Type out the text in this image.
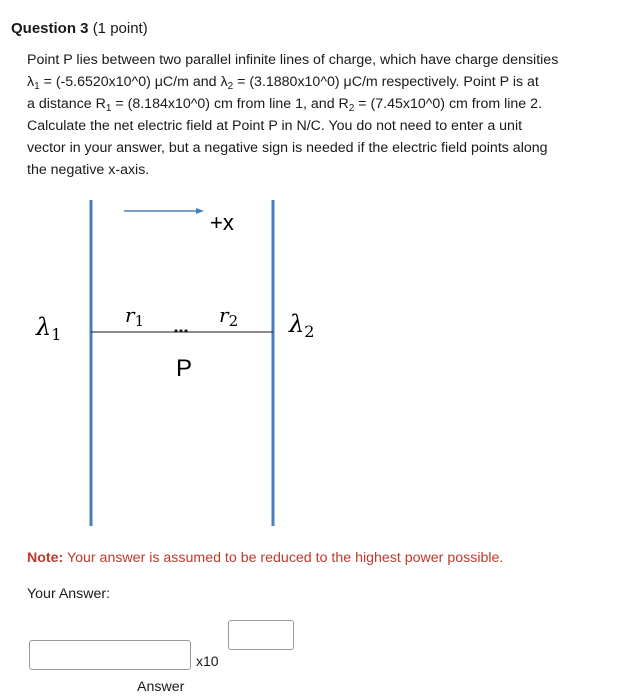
Question 3 (1 point)
Point P lies between two parallel infinite lines of charge, which have charge densities
$\lambda_1$ = (-5.6520x10^0) μC/m and $\lambda_2$ = (3.1880x10^0) μC/m respectively. Point P is at
a distance $R_1$ = (8.184x10^0) cm from line 1, and $R_2$ = (7.45x10^0) cm from line 2.
Calculate the net electric field at Point P in N/C. You do not need to enter a unit
vector in your answer, but a negative sign is needed if the electric field points along
the negative x-axis.
+x
$\lambda_1$
$r_1$	$r_2$ $\lambda_2$
P
Note: Your answer is assumed to be reduced to the highest power possible.
Your Answer:
x10
Answer
